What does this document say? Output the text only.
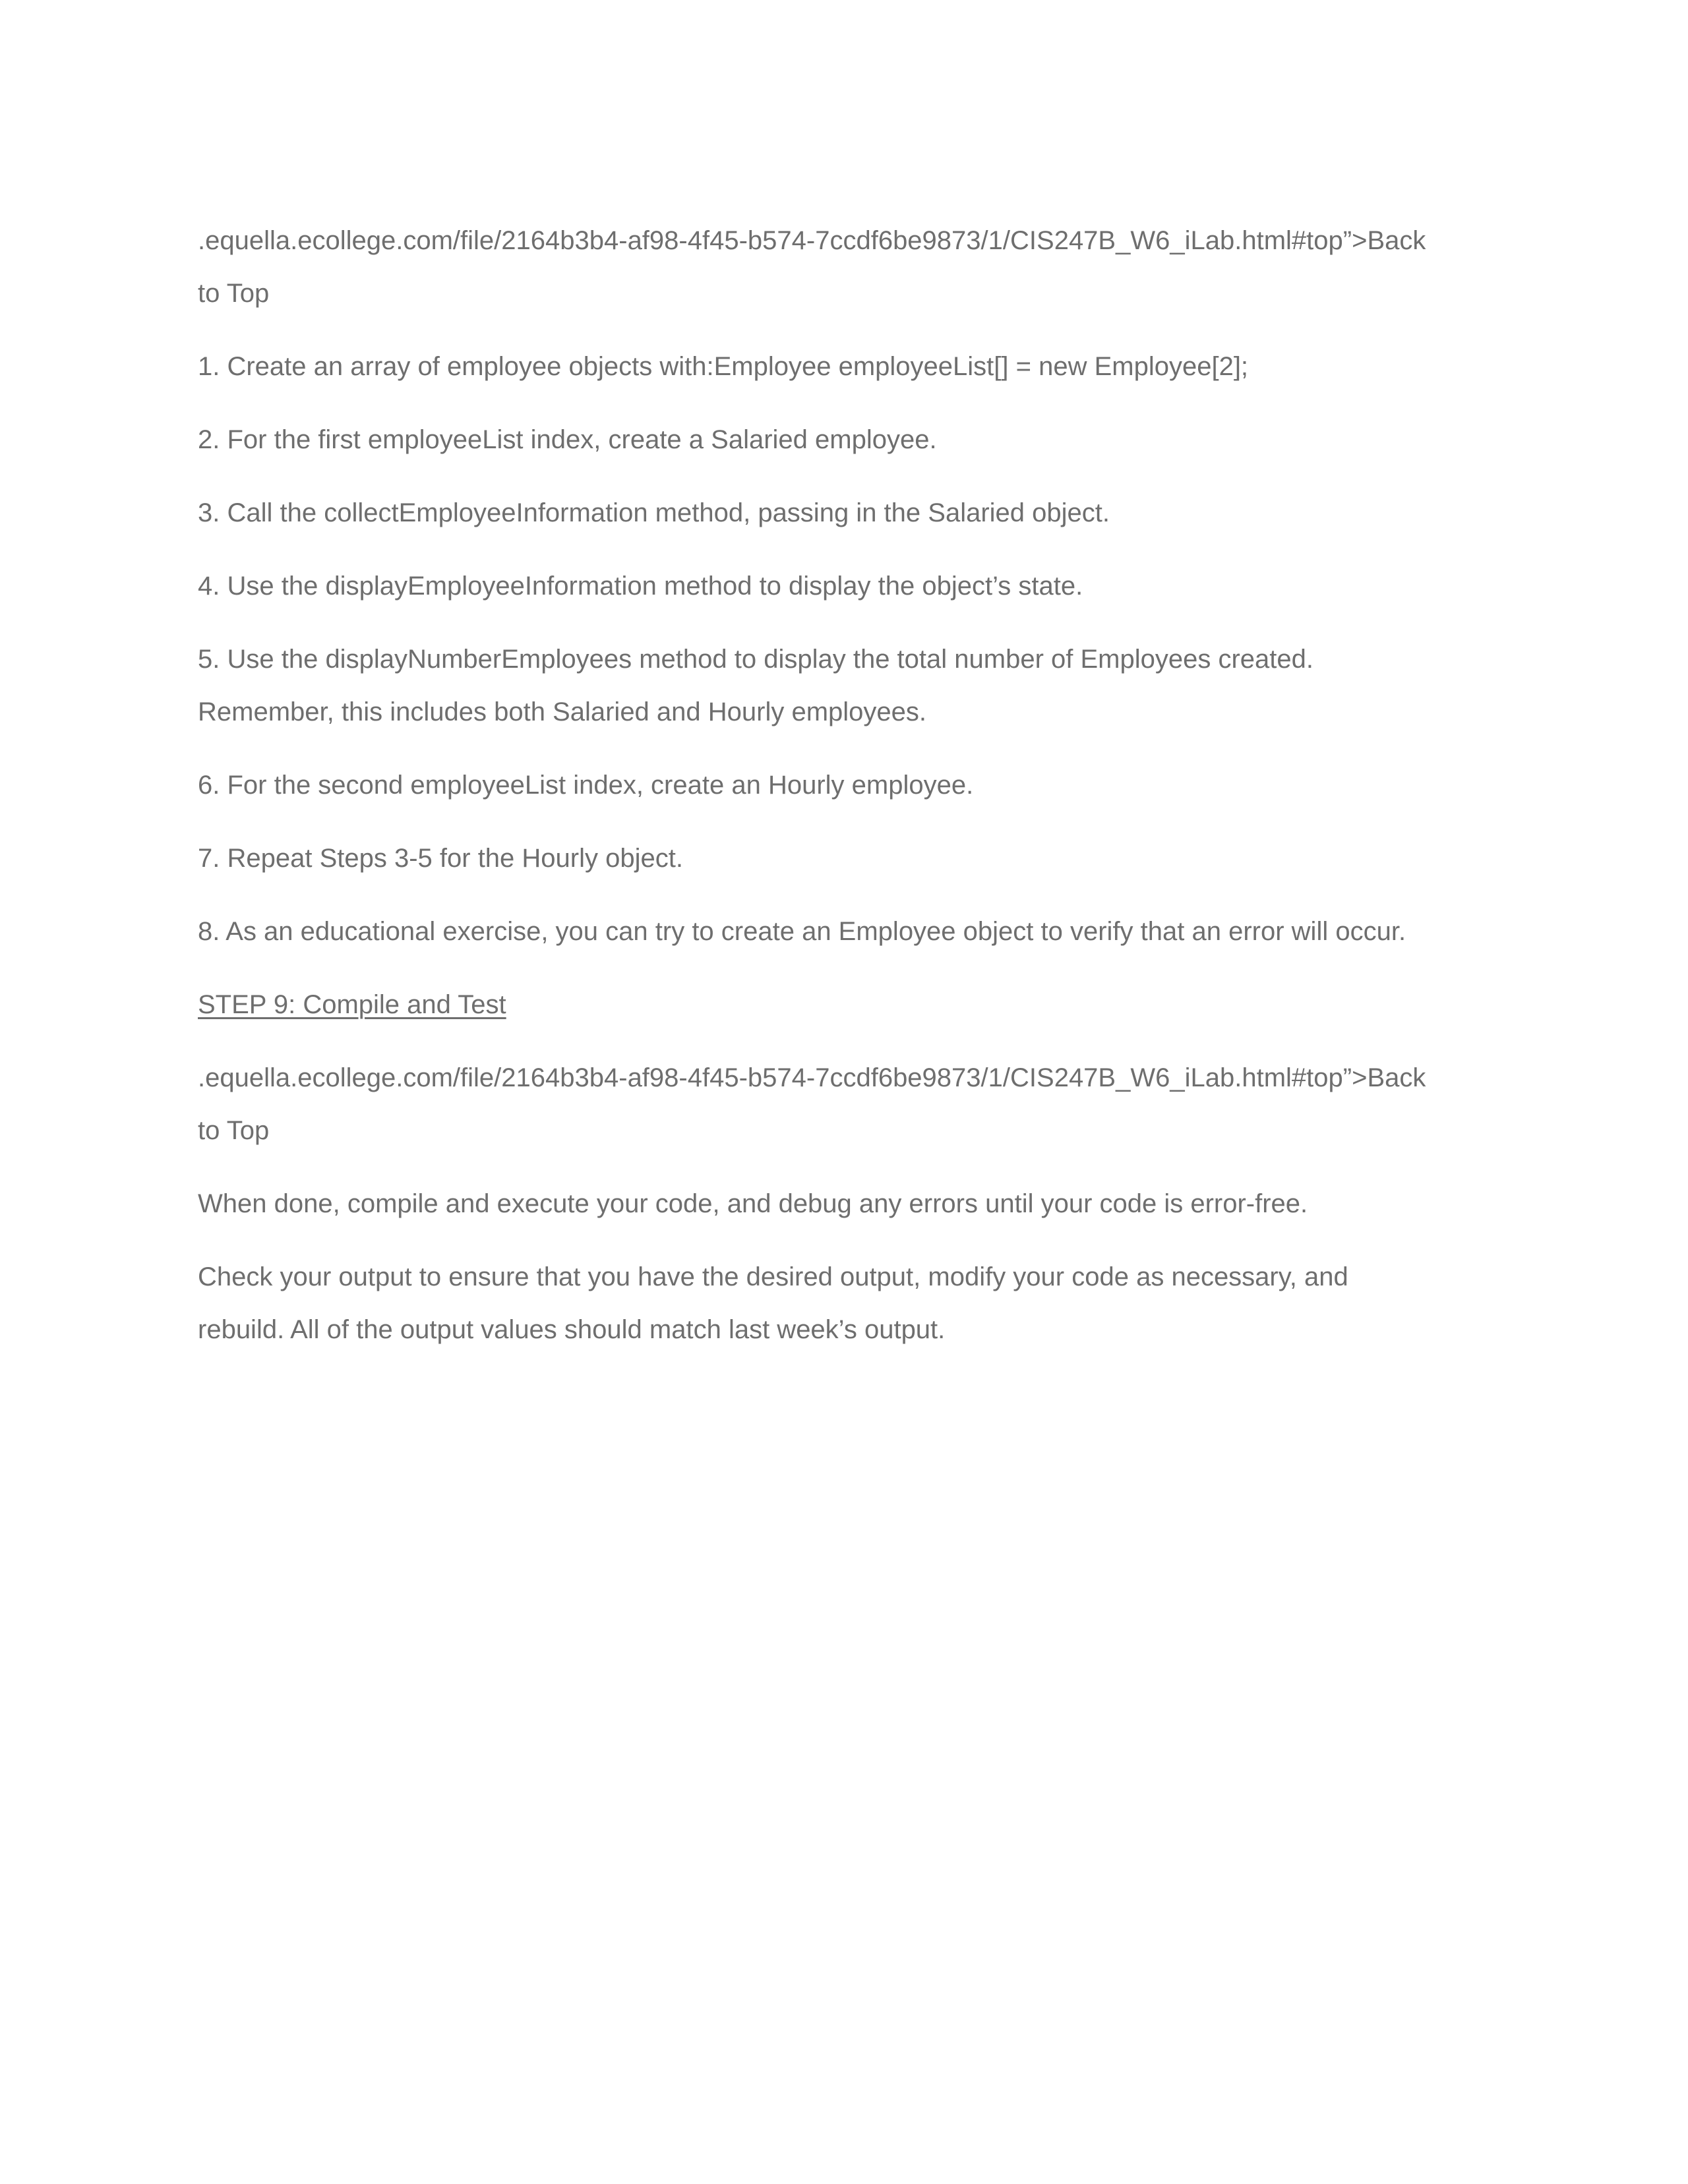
.equella.ecollege.com/file/2164b3b4-af98-4f45-b574-7ccdf6be9873/1/CIS247B_W6_iLab.html#top”>Back
to Top
1. Create an array of employee objects with:Employee employeeList[] = new Employee[2];
2. For the first employeeList index, create a Salaried employee.
3. Call the collectEmployeeInformation method, passing in the Salaried object.
4. Use the displayEmployeeInformation method to display the object’s state.
5. Use the displayNumberEmployees method to display the total number of Employees created.
Remember, this includes both Salaried and Hourly employees.
6. For the second employeeList index, create an Hourly employee.
7. Repeat Steps 3-5 for the Hourly object.
8. As an educational exercise, you can try to create an Employee object to verify that an error will occur.
STEP 9: Compile and Test
.equella.ecollege.com/file/2164b3b4-af98-4f45-b574-7ccdf6be9873/1/CIS247B_W6_iLab.html#top”>Back
to Top
When done, compile and execute your code, and debug any errors until your code is error-free.
Check your output to ensure that you have the desired output, modify your code as necessary, and
rebuild. All of the output values should match last week’s output.
